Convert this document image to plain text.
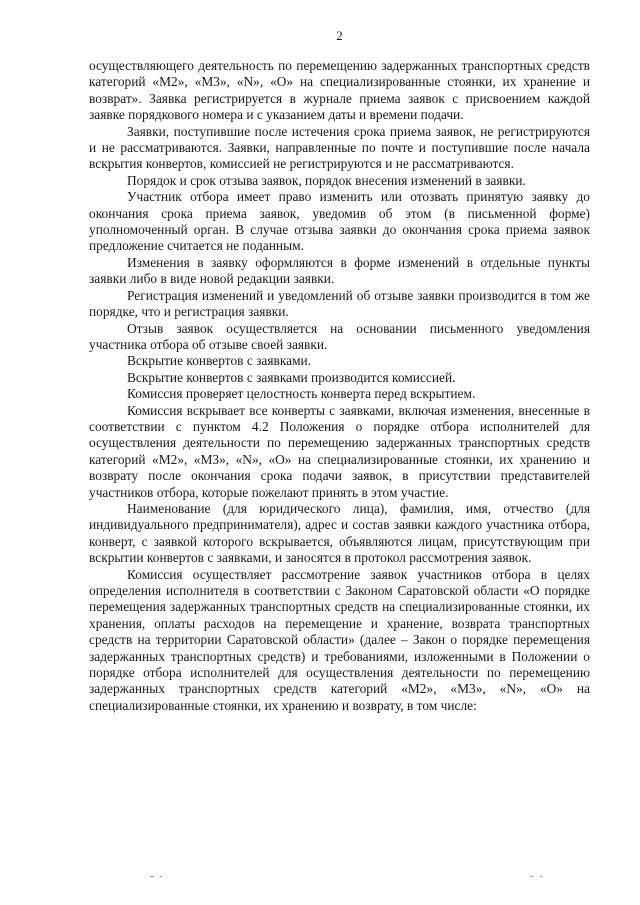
2

осуществляющего деятельность по перемещению задержанных транспортных средств категорий «М2», «М3», «N», «О» на специализированные стоянки, их хранение и возврат». Заявка регистрируется в журнале приема заявок с присвоением каждой заявке порядкового номера и с указанием даты и времени подачи.

Заявки, поступившие после истечения срока приема заявок, не регистрируются и не рассматриваются. Заявки, направленные по почте и поступившие после начала вскрытия конвертов, комиссией не регистрируются и не рассматриваются.

Порядок и срок отзыва заявок, порядок внесения изменений в заявки.

Участник отбора имеет право изменить или отозвать принятую заявку до окончания срока приема заявок, уведомив об этом (в письменной форме) уполномоченный орган. В случае отзыва заявки до окончания срока приема заявок предложение считается не поданным.

Изменения в заявку оформляются в форме изменений в отдельные пункты заявки либо в виде новой редакции заявки.

Регистрация изменений и уведомлений об отзыве заявки производится в том же порядке, что и регистрация заявки.

Отзыв заявок осуществляется на основании письменного уведомления участника отбора об отзыве своей заявки.

Вскрытие конвертов с заявками.

Вскрытие конвертов с заявками производится комиссией.

Комиссия проверяет целостность конверта перед вскрытием.

Комиссия вскрывает все конверты с заявками, включая изменения, внесенные в соответствии с пунктом 4.2 Положения о порядке отбора исполнителей для осуществления деятельности по перемещению задержанных транспортных средств категорий «М2», «М3», «N», «О» на специализированные стоянки, их хранению и возврату после окончания срока подачи заявок, в присутствии представителей участников отбора, которые пожелают принять в этом участие.

Наименование (для юридического лица), фамилия, имя, отчество (для индивидуального предпринимателя), адрес и состав заявки каждого участника отбора, конверт, с заявкой которого вскрывается, объявляются лицам, присутствующим при вскрытии конвертов с заявками, и заносятся в протокол рассмотрения заявок.

Комиссия осуществляет рассмотрение заявок участников отбора в целях определения исполнителя в соответствии с Законом Саратовской области «О порядке перемещения задержанных транспортных средств на специализированные стоянки, их хранения, оплаты расходов на перемещение и хранение, возврата транспортных средств на территории Саратовской области» (далее – Закон о порядке перемещения задержанных транспортных средств) и требованиями, изложенными в Положении о порядке отбора исполнителей для осуществления деятельности по перемещению задержанных транспортных средств категорий «М2», «М3», «N», «О» на специализированные стоянки, их хранению и возврату, в том числе:
